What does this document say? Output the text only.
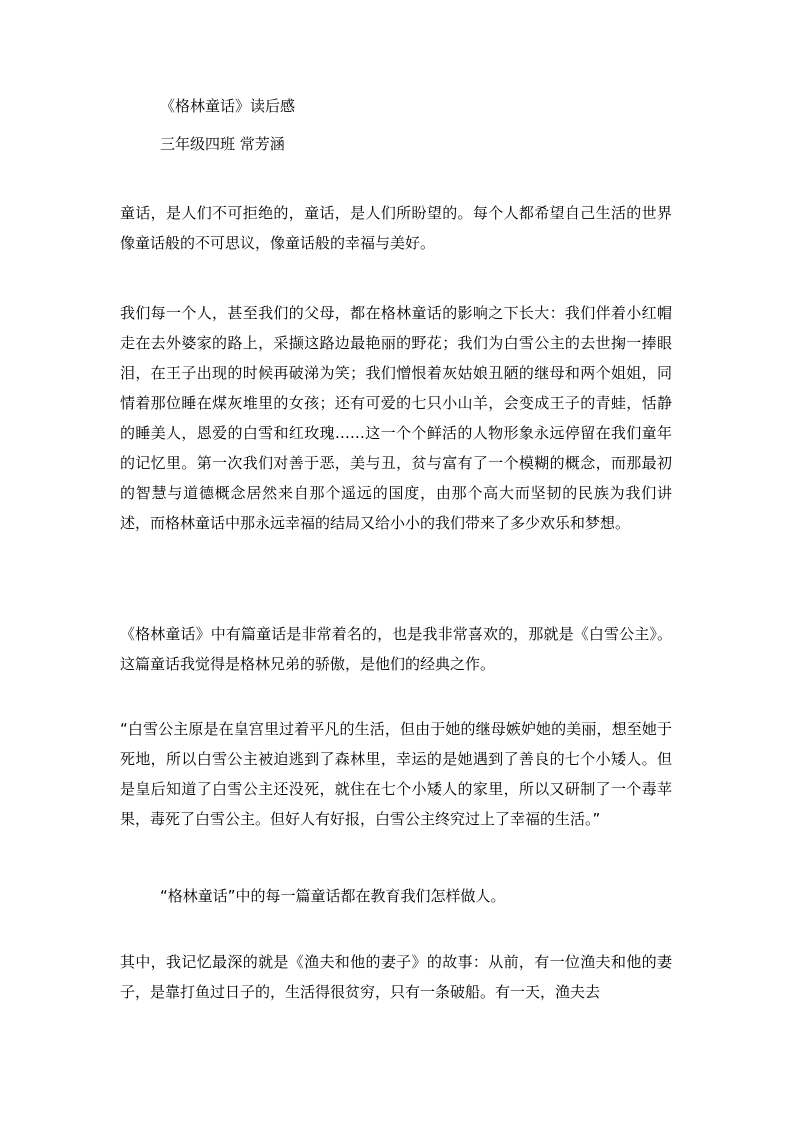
《格林童话》读后感
三年级四班 常芳涵

童话，是人们不可拒绝的，童话，是人们所盼望的。每个人都希望自己生活的世界像童话般的不可思议，像童话般的幸福与美好。

我们每一个人，甚至我们的父母，都在格林童话的影响之下长大：我们伴着小红帽走在去外婆家的路上，采撷这路边最艳丽的野花；我们为白雪公主的去世掬一捧眼泪，在王子出现的时候再破涕为笑；我们憎恨着灰姑娘丑陋的继母和两个姐姐，同情着那位睡在煤灰堆里的女孩；还有可爱的七只小山羊，会变成王子的青蛙，恬静的睡美人，恩爱的白雪和红玫瑰……这一个个鲜活的人物形象永远停留在我们童年的记忆里。第一次我们对善于恶，美与丑，贫与富有了一个模糊的概念，而那最初的智慧与道德概念居然来自那个遥远的国度，由那个高大而坚韧的民族为我们讲述，而格林童话中那永远幸福的结局又给小小的我们带来了多少欢乐和梦想。

《格林童话》中有篇童话是非常着名的，也是我非常喜欢的，那就是《白雪公主》。这篇童话我觉得是格林兄弟的骄傲，是他们的经典之作。

“白雪公主原是在皇宫里过着平凡的生活，但由于她的继母嫉妒她的美丽，想至她于死地，所以白雪公主被迫逃到了森林里，幸运的是她遇到了善良的七个小矮人。但是皇后知道了白雪公主还没死，就住在七个小矮人的家里，所以又研制了一个毒苹果，毒死了白雪公主。但好人有好报，白雪公主终究过上了幸福的生活。”

“格林童话”中的每一篇童话都在教育我们怎样做人。

其中，我记忆最深的就是《渔夫和他的妻子》的故事：从前，有一位渔夫和他的妻子，是靠打鱼过日子的，生活得很贫穷，只有一条破船。有一天，渔夫去
